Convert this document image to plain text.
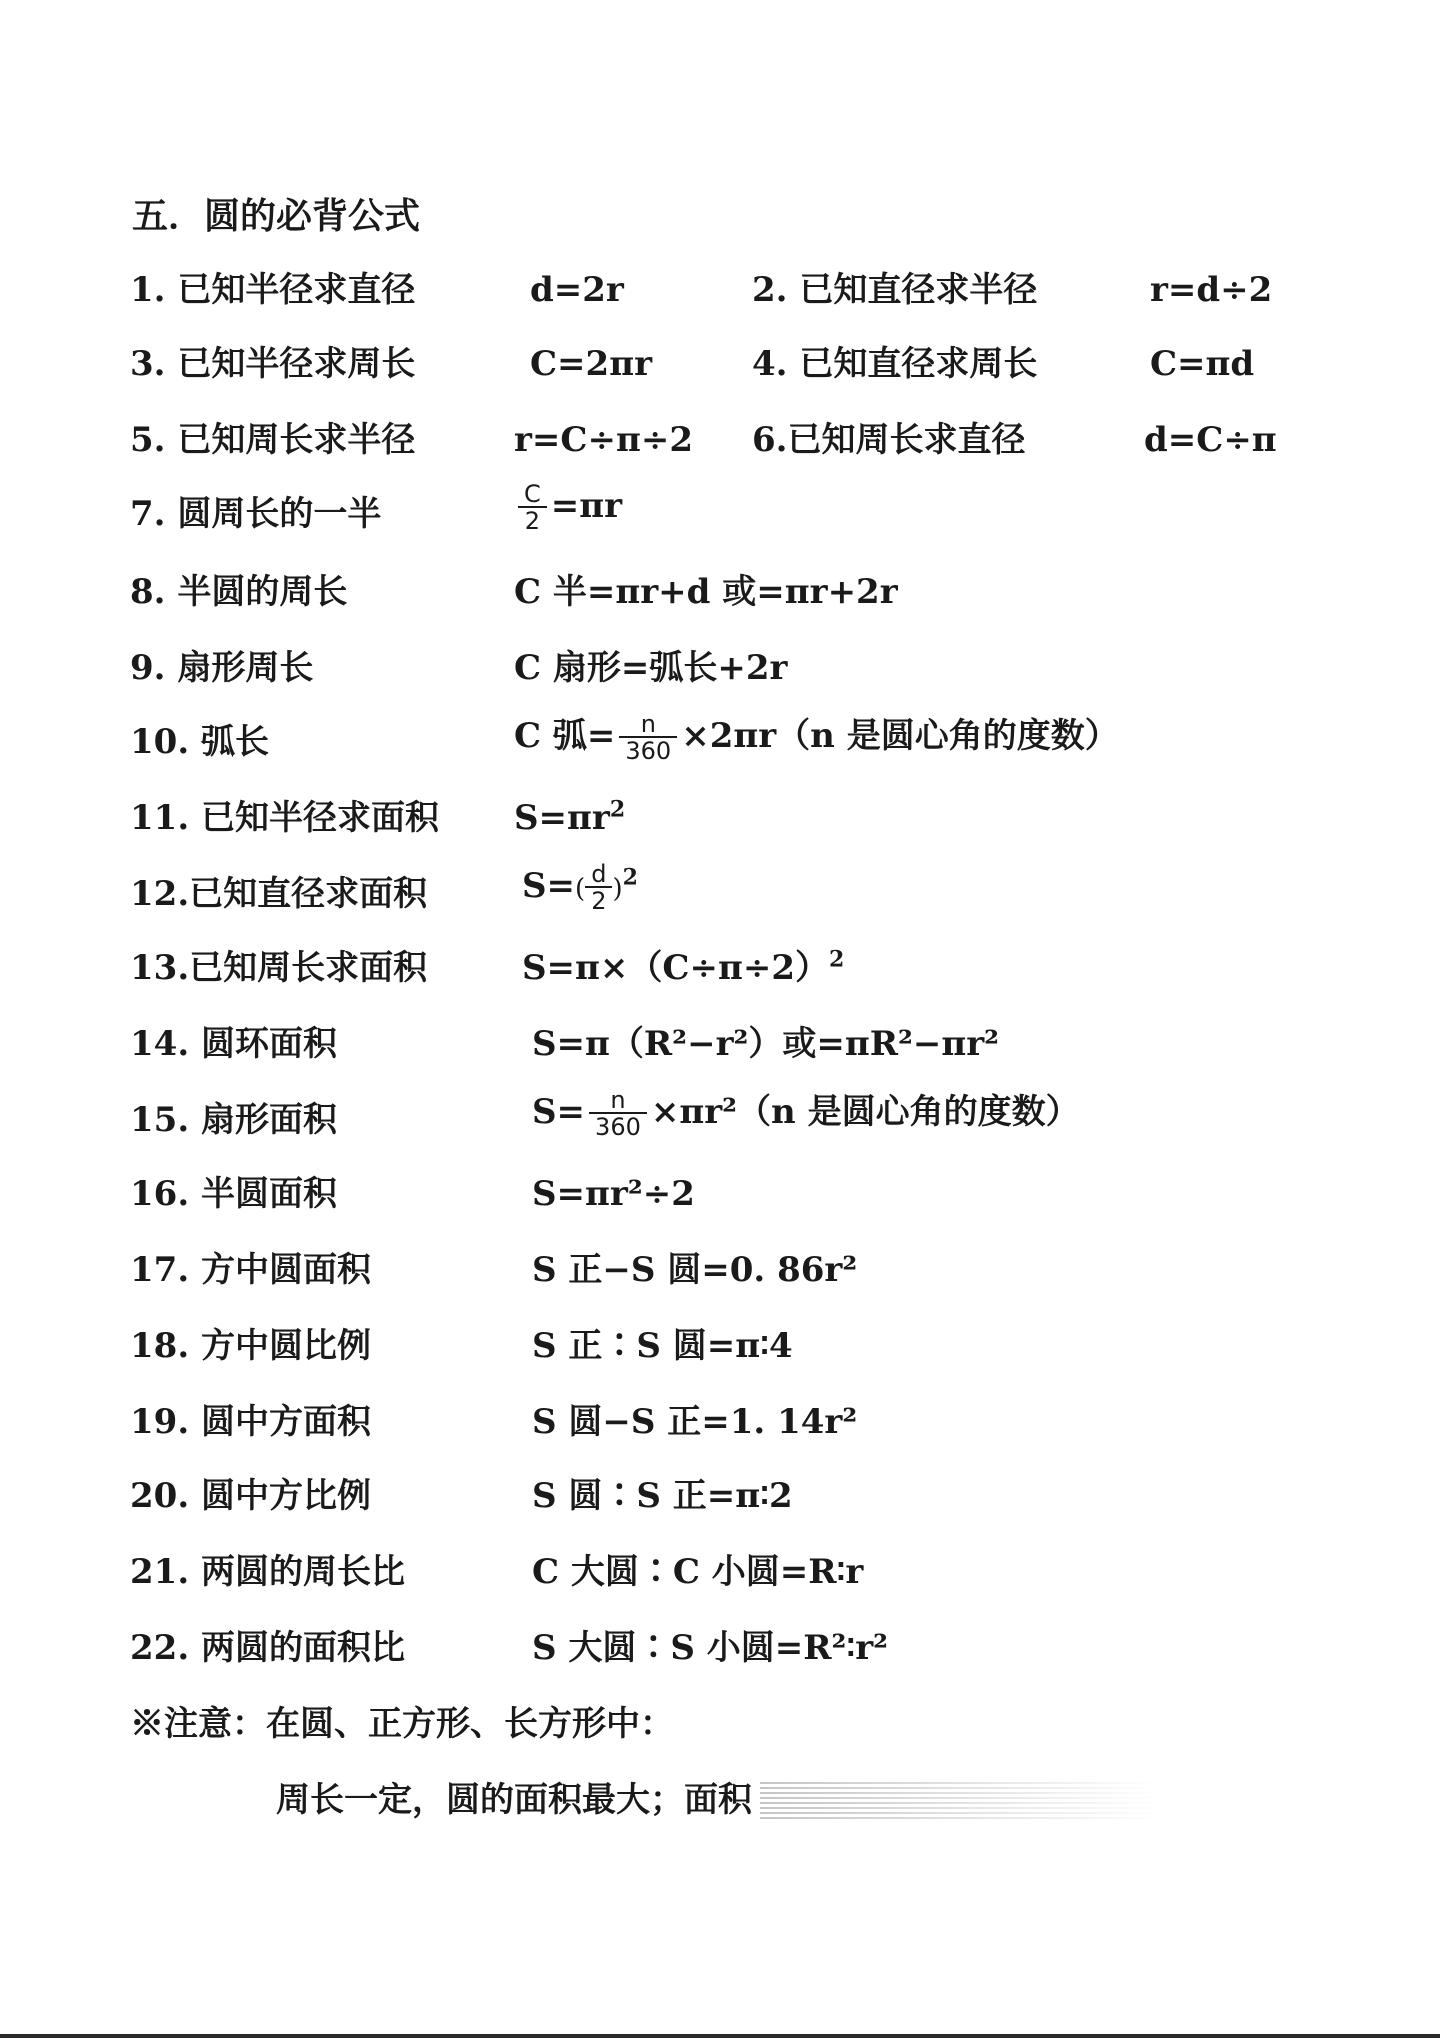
五．圆的必背公式
1. 已知半径求直径	d=2r	2. 已知直径求半径	r=d÷2
3. 已知半径求周长	C=2πr	4. 已知直径求周长	C=πd
5. 已知周长求半径	r=C÷π÷2 6.已知周长求直径	d=C÷π
7. 圆周长的一半	$\frac{C}{2} =\pi r$
8. 半圆的周长	C 半=πr+d 或=πr+2r
9. 扇形周长	C 扇形=弧长+2r
10. 弧长	C 弧= $\frac{n}{360} \times 2\pi r(n$ 是圆心角的度数）
11. 已知半径求面积 $S=\pi r^2$
12.已知直径求面积	$S=( \frac{d}{2} )^2$
13.已知周长求面积	$S=\pi\times(C\div\pi\div 2)^2$
14. 圆环面积	S=π（R²−r²）或=πR²−πr²
15. 扇形面积	$S= \frac{n}{360} \times\pi r^2(n$ 是圆心角的度数）
16. 半圆面积	S=πr²÷2
17. 方中圆面积	S 正−S 圆=0. 86r²
18. 方中圆比例	S 正∶S 圆=π∶4
19. 圆中方面积	S 圆−S 正=1. 14r²
20. 圆中方比例	S 圆∶S 正=π∶2
21. 两圆的周长比	C 大圆∶C 小圆=R∶r
22. 两圆的面积比	S 大圆∶S 小圆=R²∶r²
※注意：在圆、正方形、长方形中：
周长一定，圆的面积最大；面积
